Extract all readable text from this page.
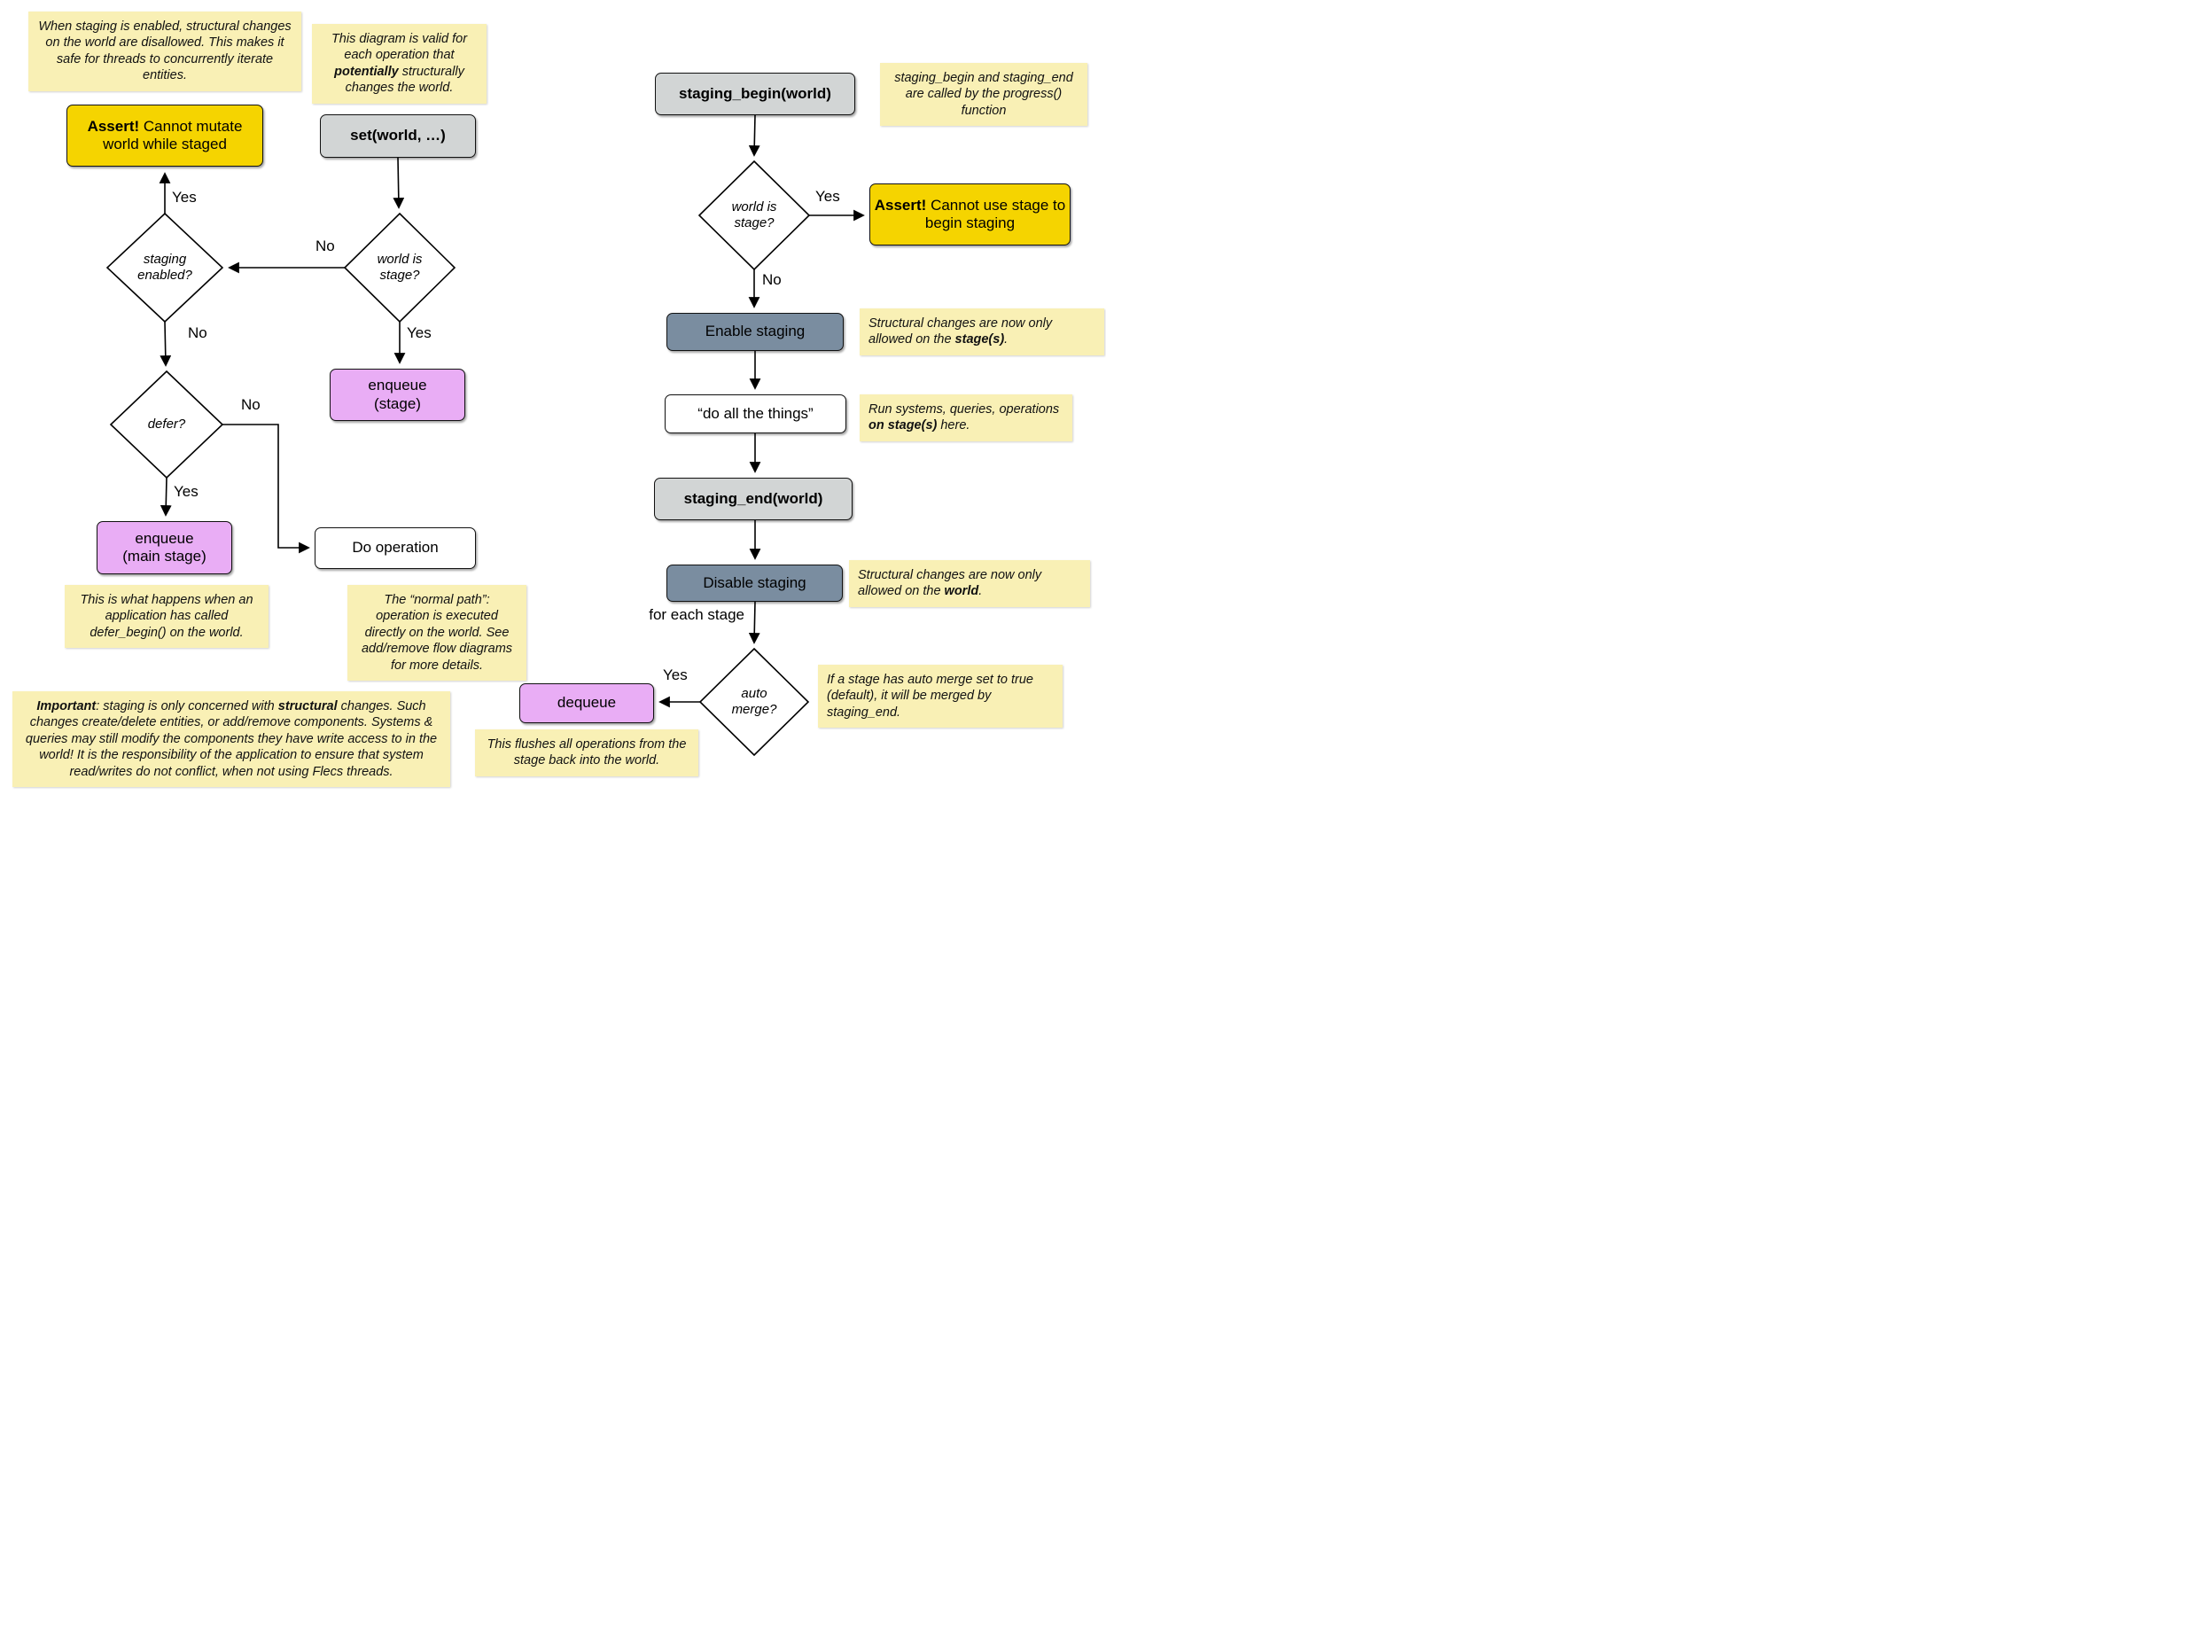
When staging is enabled, structural changes on the world are disallowed. This makes it safe for threads to concurrently iterate entities.
This diagram is valid for each operation that potentially structurally changes the world.
Assert! Cannot mutate world while staged
set(world, …)
enqueue
(stage)
enqueue
(main stage)
Do operation
This is what happens when an application has called defer_begin() on the world.
The “normal path”: operation is executed directly on the world. See add/remove flow diagrams for more details.
Important: staging is only concerned with structural changes. Such changes create/delete entities, or add/remove components. Systems & queries may still modify the components they have write access to in the world! It is the responsibility of the application to ensure that system read/writes do not conflict, when not using Flecs threads.
staging_begin(world)
staging_begin and staging_end are called by the progress() function
Assert! Cannot use stage to begin staging
Enable staging	Structural changes are now only allowed on the stage(s).
“do all the things”	Run systems, queries, operations on stage(s) here.
staging_end(world)
Disable staging	Structural changes are now only allowed on the world.
dequeue
This flushes all operations from the stage back into the world.
If a stage has auto merge set to true (default), it will be merged by staging_end.
staging enabled?
world is stage?
defer?
world is stage?
auto merge?
Yes
No
No	Yes
No
Yes
Yes
No
for each stage
Yes
